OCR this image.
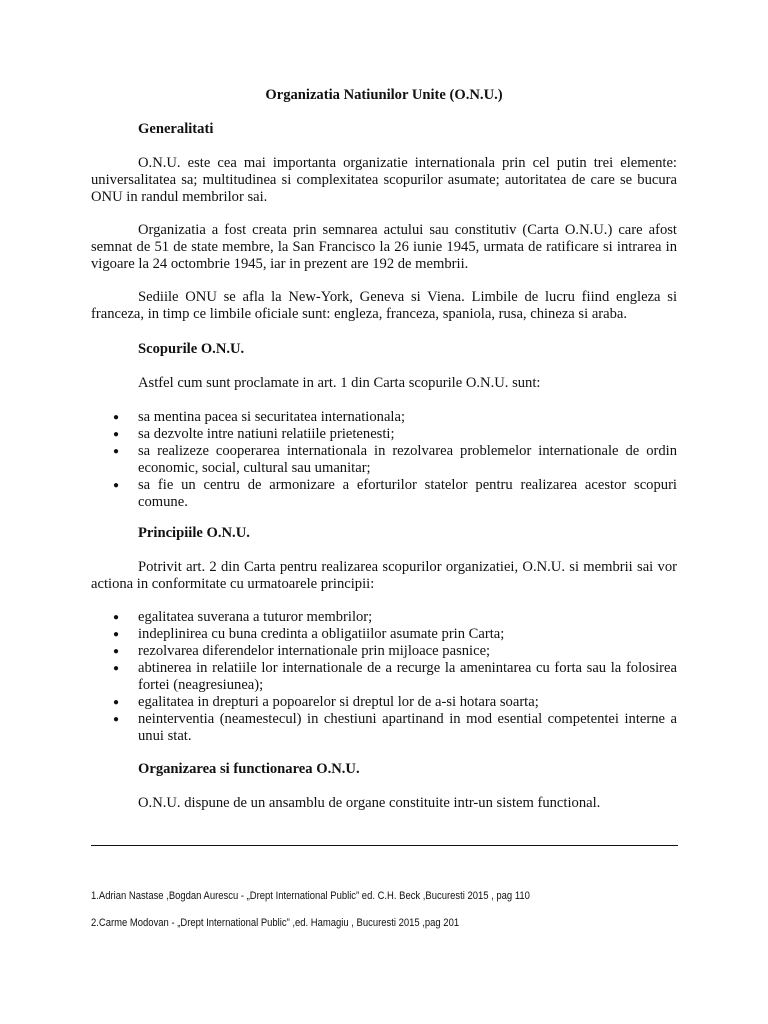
Organizatia Natiunilor Unite (O.N.U.)
Generalitati
O.N.U. este cea mai importanta organizatie internationala prin cel putin trei elemente: universalitatea sa; multitudinea si complexitatea scopurilor asumate; autoritatea de care se bucura ONU in randul membrilor sai.
Organizatia a fost creata prin semnarea actului sau constitutiv (Carta O.N.U.) care afost semnat de 51 de state membre, la San Francisco la 26 iunie 1945, urmata de ratificare si intrarea in vigoare la 24 octombrie 1945, iar in prezent are 192 de membrii.
Sediile ONU se afla la New-York, Geneva si Viena. Limbile de lucru fiind engleza si franceza, in timp ce limbile oficiale sunt: engleza, franceza, spaniola, rusa, chineza si araba.
Scopurile O.N.U.
Astfel cum sunt proclamate in art. 1 din Carta scopurile O.N.U. sunt:
● sa mentina pacea si securitatea internationala;
● sa dezvolte intre natiuni relatiile prietenesti;
● sa realizeze cooperarea internationala in rezolvarea problemelor internationale de ordin economic, social, cultural sau umanitar;
● sa fie un centru de armonizare a eforturilor statelor pentru realizarea acestor scopuri comune.
Principiile O.N.U.
Potrivit art. 2 din Carta pentru realizarea scopurilor organizatiei, O.N.U. si membrii sai vor actiona in conformitate cu urmatoarele principii:
● egalitatea suverana a tuturor membrilor;
● indeplinirea cu buna credinta a obligatiilor asumate prin Carta;
● rezolvarea diferendelor internationale prin mijloace pasnice;
● abtinerea in relatiile lor internationale de a recurge la amenintarea cu forta sau la folosirea fortei (neagresiunea);
● egalitatea in drepturi a popoarelor si dreptul lor de a-si hotara soarta;
● neinterventia (neamestecul) in chestiuni apartinand in mod esential competentei interne a unui stat.
Organizarea si functionarea O.N.U.
O.N.U. dispune de un ansamblu de organe constituite intr-un sistem functional.
1.Adrian Nastase ,Bogdan Aurescu - „Drept International Public” ed. C.H. Beck ,Bucuresti 2015 , pag 110
2.Carme Modovan - „Drept International Public” ,ed. Hamagiu , Bucuresti 2015 ,pag 201
